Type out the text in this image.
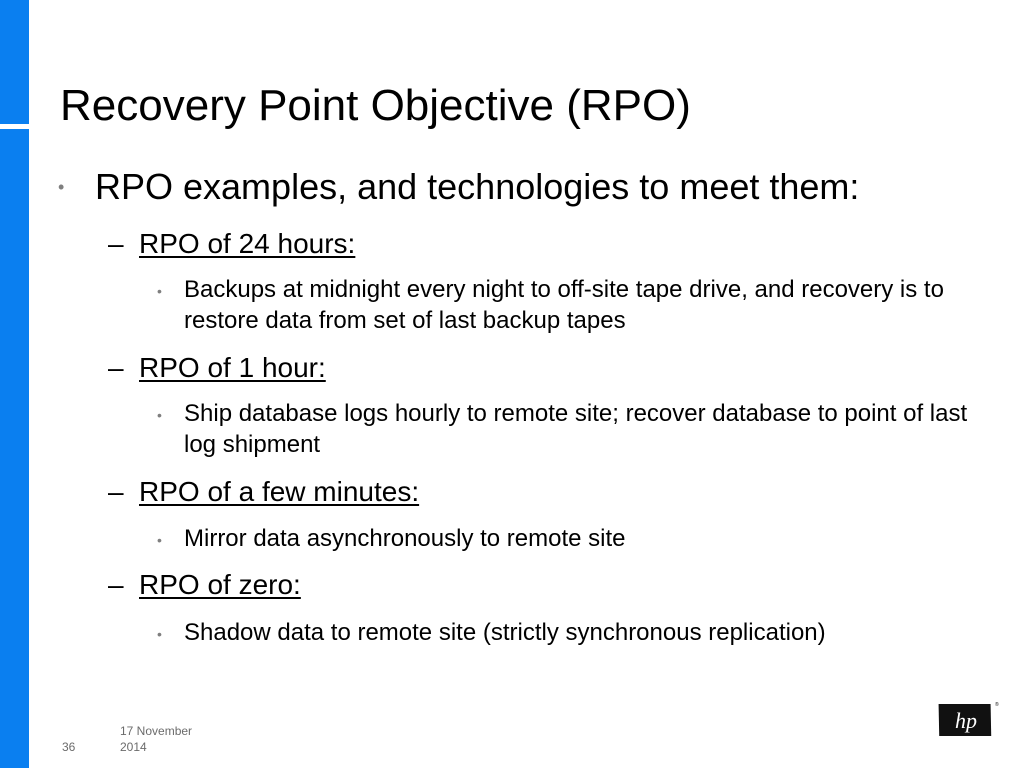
Recovery Point Objective (RPO)
• RPO examples, and technologies to meet them:
– RPO of 24 hours:
• Backups at midnight every night to off-site tape drive, and recovery is to restore data from set of last backup tapes
– RPO of 1 hour:
• Ship database logs hourly to remote site; recover database to point of last log shipment
– RPO of a few minutes:
• Mirror data asynchronously to remote site
– RPO of zero:
• Shadow data to remote site (strictly synchronous replication)
36
17 November 2014
hp
®
